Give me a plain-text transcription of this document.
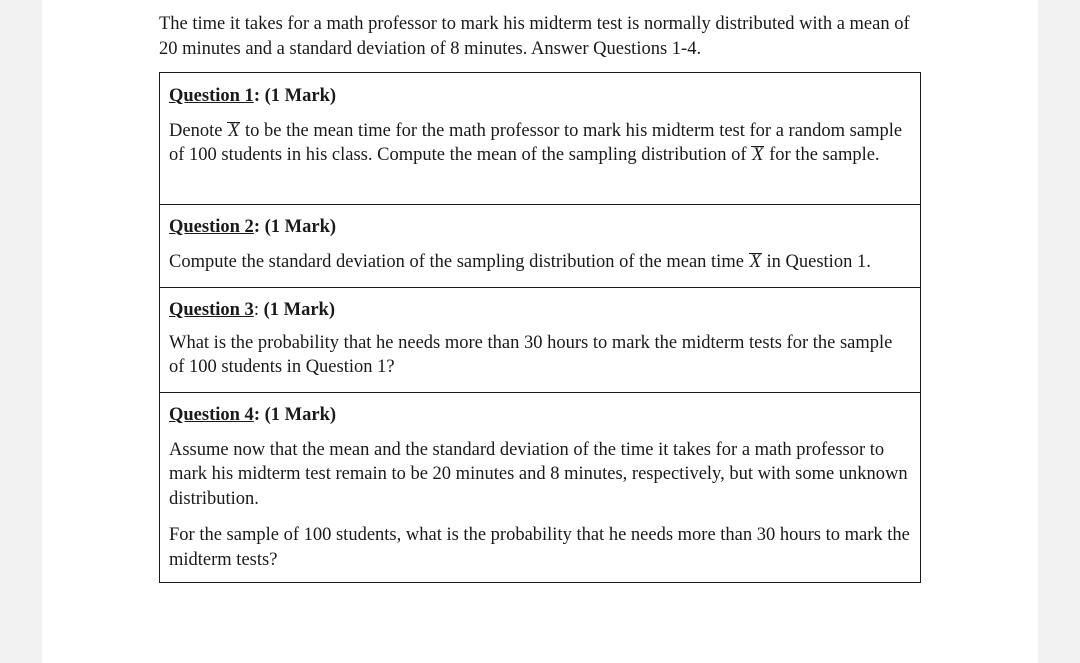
The time it takes for a math professor to mark his midterm test is normally distributed with a mean of 20 minutes and a standard deviation of 8 minutes. Answer Questions 1-4.

Question 1: (1 Mark)

Denote X to be the mean time for the math professor to mark his midterm test for a random sample of 100 students in his class. Compute the mean of the sampling distribution of X for the sample.

Question 2: (1 Mark)

Compute the standard deviation of the sampling distribution of the mean time X in Question 1.

Question 3: (1 Mark)

What is the probability that he needs more than 30 hours to mark the midterm tests for the sample of 100 students in Question 1?

Question 4: (1 Mark)

Assume now that the mean and the standard deviation of the time it takes for a math professor to mark his midterm test remain to be 20 minutes and 8 minutes, respectively, but with some unknown distribution.

For the sample of 100 students, what is the probability that he needs more than 30 hours to mark the midterm tests?
